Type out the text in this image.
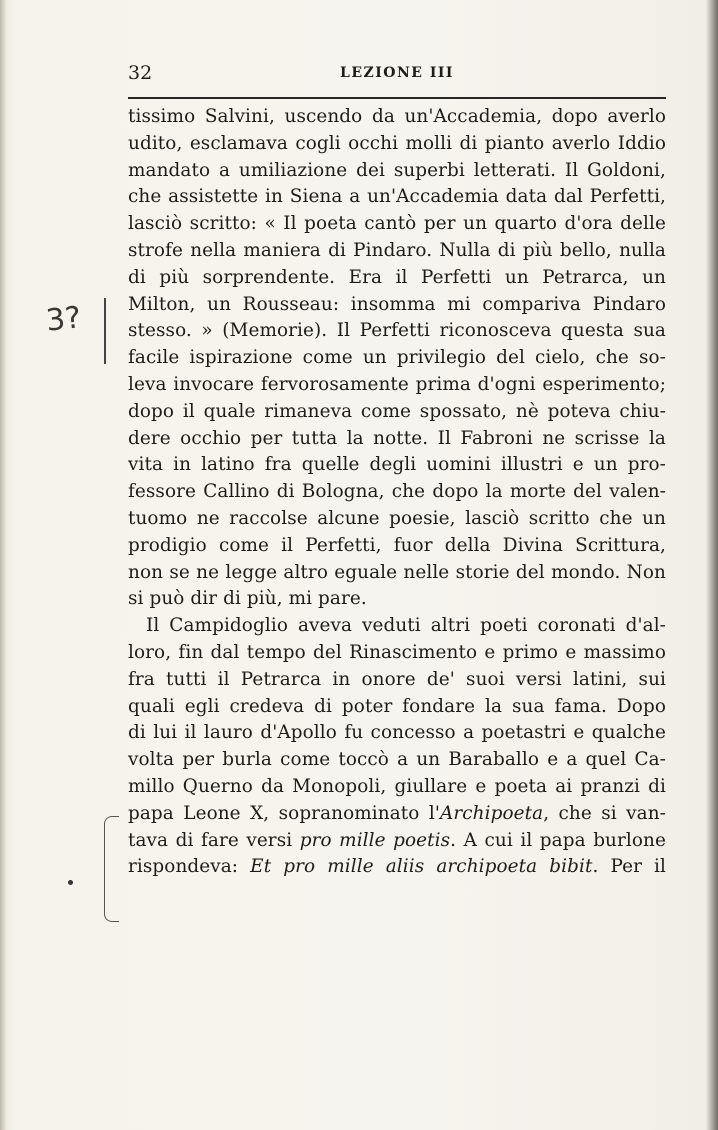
32	LEZIONE III
3?
tissimo Salvini, uscendo da un'Accademia, dopo averlo
udito, esclamava cogli occhi molli di pianto averlo Iddio
mandato a umiliazione dei superbi letterati. Il Goldoni,
che assistette in Siena a un'Accademia data dal Perfetti,
lasciò scritto: « Il poeta cantò per un quarto d'ora delle
strofe nella maniera di Pindaro. Nulla di più bello, nulla
di più sorprendente. Era il Perfetti un Petrarca, un
Milton, un Rousseau: insomma mi compariva Pindaro
stesso. » (Memorie). Il Perfetti riconosceva questa sua
facile ispirazione come un privilegio del cielo, che so-
leva invocare fervorosamente prima d'ogni esperimento;
dopo il quale rimaneva come spossato, nè poteva chiu-
dere occhio per tutta la notte. Il Fabroni ne scrisse la
vita in latino fra quelle degli uomini illustri e un pro-
fessore Callino di Bologna, che dopo la morte del valen-
tuomo ne raccolse alcune poesie, lasciò scritto che un
prodigio come il Perfetti, fuor della Divina Scrittura,
non se ne legge altro eguale nelle storie del mondo. Non
si può dir di più, mi pare.
Il Campidoglio aveva veduti altri poeti coronati d'al-
loro, fin dal tempo del Rinascimento e primo e massimo
fra tutti il Petrarca in onore de' suoi versi latini, sui
quali egli credeva di poter fondare la sua fama. Dopo
di lui il lauro d'Apollo fu concesso a poetastri e qualche
volta per burla come toccò a un Baraballo e a quel Ca-
millo Querno da Monopoli, giullare e poeta ai pranzi di
papa Leone X, sopranominato l'Archipoeta, che si van-
tava di fare versi pro mille poetis. A cui il papa burlone
rispondeva: Et pro mille aliis archipoeta bibit. Per il
